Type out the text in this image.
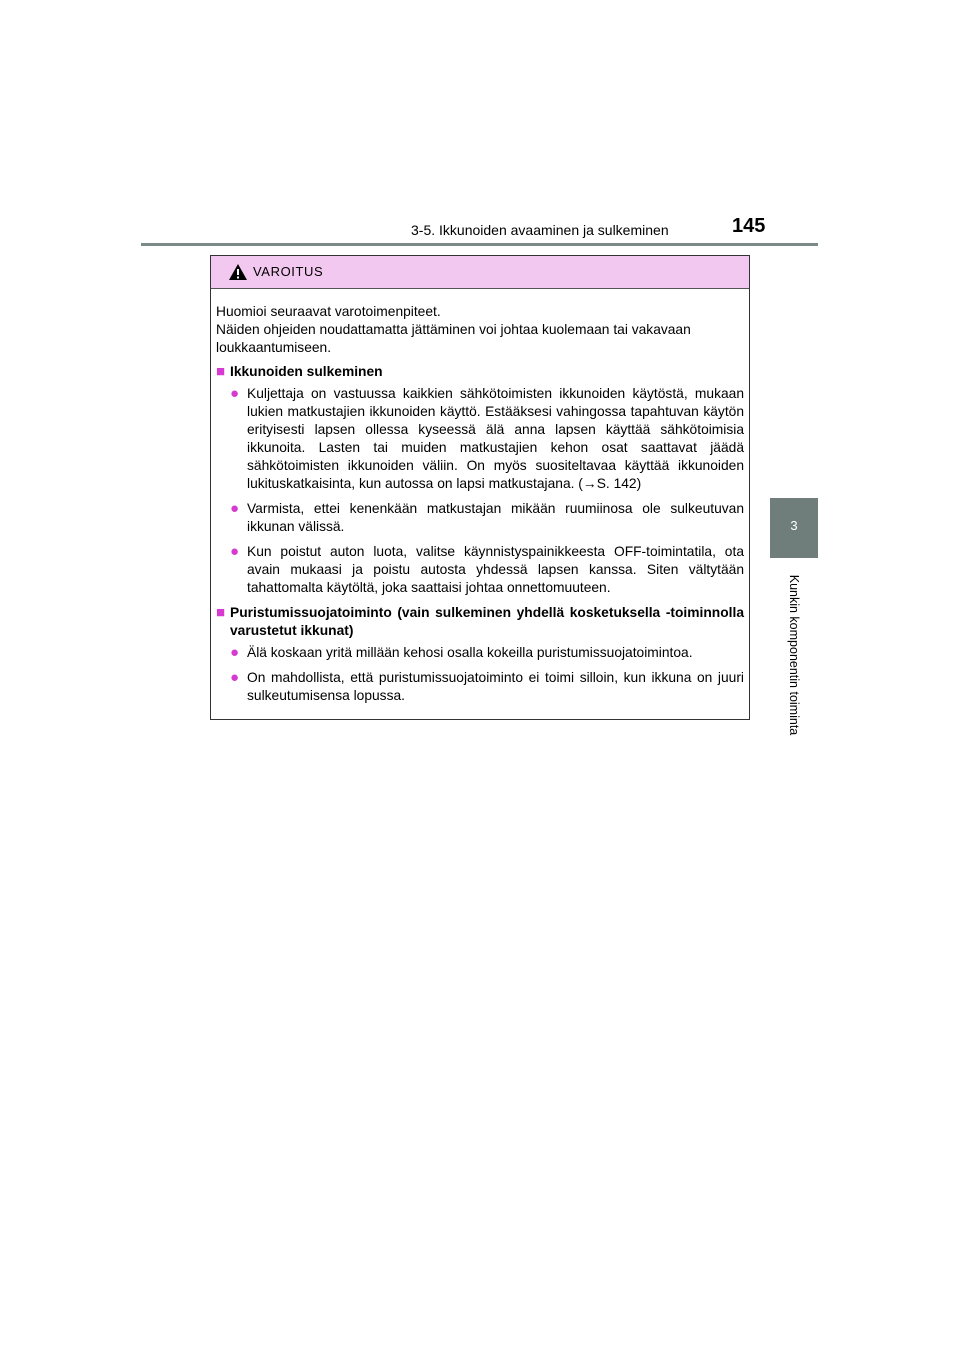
3-5. Ikkunoiden avaaminen ja sulkeminen	145
3
Kunkin komponentin toiminta
VAROITUS

Huomioi seuraavat varotoimenpiteet.

Näiden ohjeiden noudattamatta jättäminen voi johtaa kuolemaan tai vakavaan loukkaantumiseen.

■ Ikkunoiden sulkeminen
● Kuljettaja on vastuussa kaikkien sähkötoimisten ikkunoiden käytöstä, mukaan lukien matkustajien ikkunoiden käyttö. Estääksesi vahingossa tapahtuvan käytön erityisesti lapsen ollessa kyseessä älä anna lapsen käyttää sähkötoimisia ikkunoita. Lasten tai muiden matkustajien kehon osat saattavat jäädä sähkötoimisten ikkunoiden väliin. On myös suositeltavaa käyttää ikkunoiden lukituskatkaisinta, kun autossa on lapsi matkustajana. (→S. 142)
● Varmista, ettei kenenkään matkustajan mikään ruumiinosa ole sulkeutuvan ikkunan välissä.
● Kun poistut auton luota, valitse käynnistyspainikkeesta OFF-toimintatila, ota avain mukaasi ja poistu autosta yhdessä lapsen kanssa. Siten vältytään tahattomalta käytöltä, joka saattaisi johtaa onnettomuuteen.
■ Puristumissuojatoiminto (vain sulkeminen yhdellä kosketuksella -toiminnolla varustetut ikkunat)
● Älä koskaan yritä millään kehosi osalla kokeilla puristumissuojatoimintoa.
● On mahdollista, että puristumissuojatoiminto ei toimi silloin, kun ikkuna on juuri sulkeutumisensa lopussa.
